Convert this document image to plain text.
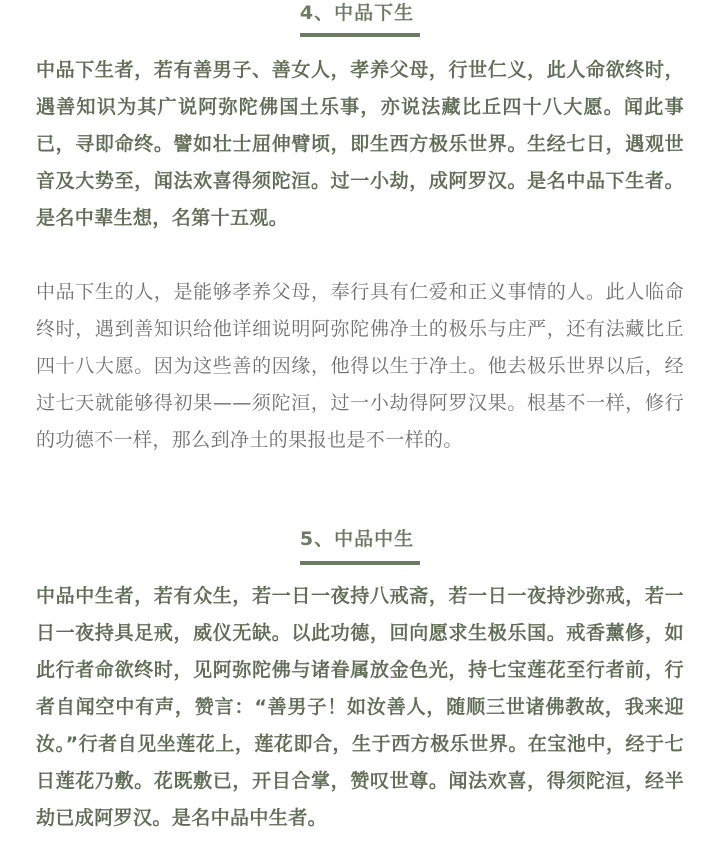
4、中品下生

中品下生者，若有善男子、善女人，孝养父母，行世仁义，此人命欲终时，遇善知识为其广说阿弥陀佛国土乐事，亦说法藏比丘四十八大愿。闻此事已，寻即命终。譬如壮士屈伸臂顷，即生西方极乐世界。生经七日，遇观世音及大势至，闻法欢喜得须陀洹。过一小劫，成阿罗汉。是名中品下生者。是名中辈生想，名第十五观。

中品下生的人，是能够孝养父母，奉行具有仁爱和正义事情的人。此人临命终时，遇到善知识给他详细说明阿弥陀佛净土的极乐与庄严，还有法藏比丘四十八大愿。因为这些善的因缘，他得以生于净土。他去极乐世界以后，经过七天就能够得初果——须陀洹，过一小劫得阿罗汉果。根基不一样，修行的功德不一样，那么到净土的果报也是不一样的。

5、中品中生

中品中生者，若有众生，若一日一夜持八戒斋，若一日一夜持沙弥戒，若一日一夜持具足戒，威仪无缺。以此功德，回向愿求生极乐国。戒香薰修，如此行者命欲终时，见阿弥陀佛与诸眷属放金色光，持七宝莲花至行者前，行者自闻空中有声，赞言：“善男子！如汝善人，随顺三世诸佛教故，我来迎汝。”行者自见坐莲花上，莲花即合，生于西方极乐世界。在宝池中，经于七日莲花乃敷。花既敷已，开目合掌，赞叹世尊。闻法欢喜，得须陀洹，经半劫已成阿罗汉。是名中品中生者。
